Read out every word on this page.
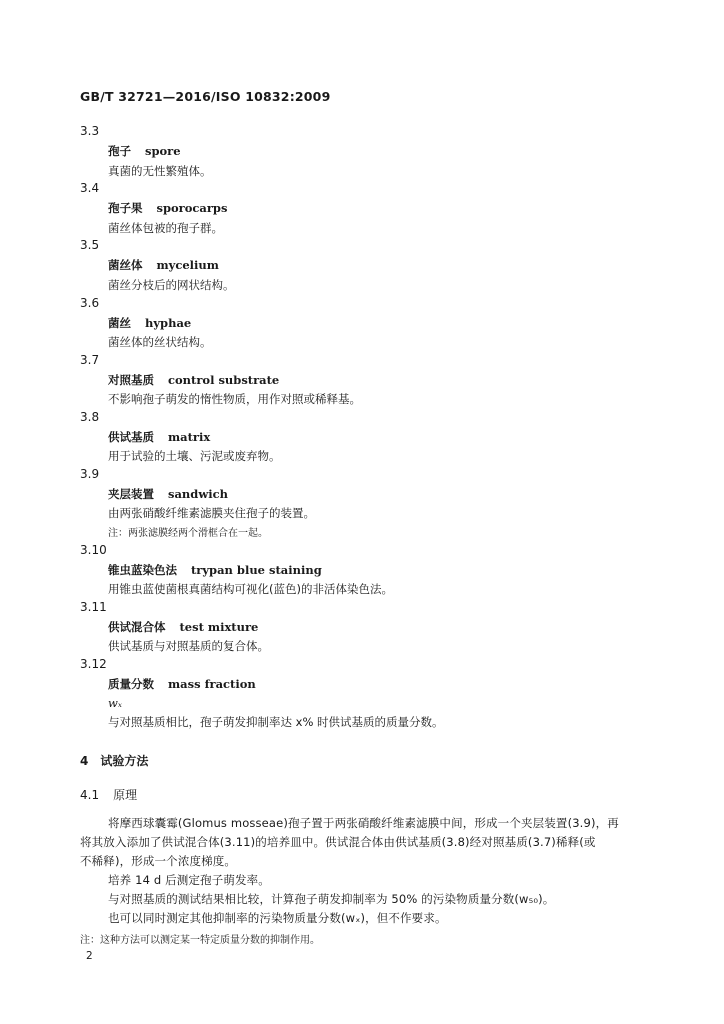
GB/T 32721—2016/ISO 10832:2009
3.3
孢子 spore
真菌的无性繁殖体。
3.4
孢子果 sporocarps
菌丝体包被的孢子群。
3.5
菌丝体 mycelium
菌丝分枝后的网状结构。
3.6
菌丝 hyphae
菌丝体的丝状结构。
3.7
对照基质 control substrate
不影响孢子萌发的惰性物质，用作对照或稀释基。
3.8
供试基质 matrix
用于试验的土壤、污泥或废弃物。
3.9
夹层装置 sandwich
由两张硝酸纤维素滤膜夹住孢子的装置。
注：两张滤膜经两个滑框合在一起。
3.10
锥虫蓝染色法 trypan blue staining
用锥虫蓝使菌根真菌结构可视化(蓝色)的非活体染色法。
3.11
供试混合体 test mixture
供试基质与对照基质的复合体。
3.12
质量分数 mass fraction
wₓ
与对照基质相比，孢子萌发抑制率达 x% 时供试基质的质量分数。
4 试验方法
4.1 原理
将摩西球囊霉(Glomus mosseae)孢子置于两张硝酸纤维素滤膜中间，形成一个夹层装置(3.9)，再
将其放入添加了供试混合体(3.11)的培养皿中。供试混合体由供试基质(3.8)经对照基质(3.7)稀释(或
不稀释)，形成一个浓度梯度。
培养 14 d 后测定孢子萌发率。
与对照基质的测试结果相比较，计算孢子萌发抑制率为 50% 的污染物质量分数(w₅₀)。
也可以同时测定其他抑制率的污染物质量分数(wₓ)，但不作要求。
注：这种方法可以测定某一特定质量分数的抑制作用。
2
